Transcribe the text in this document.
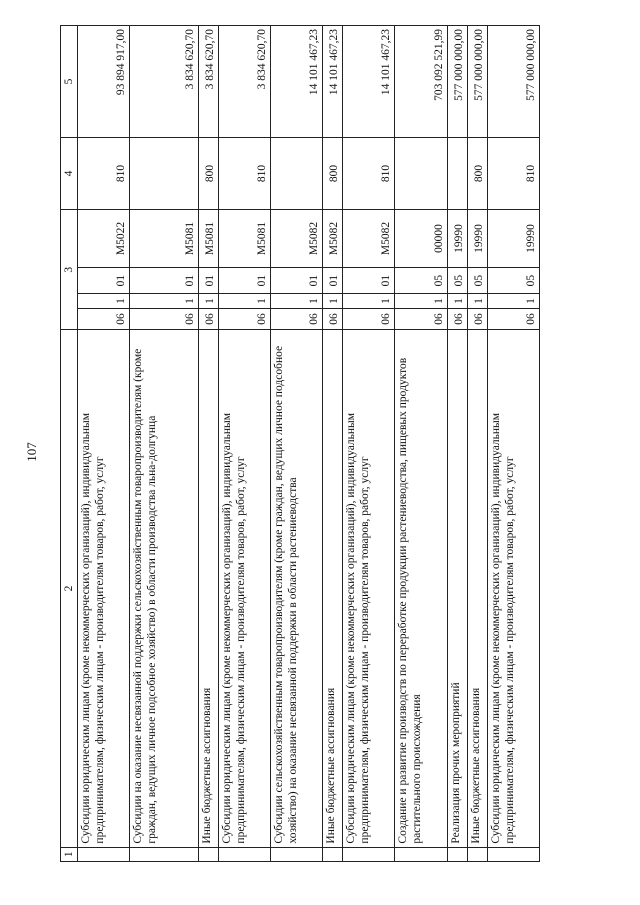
107
1	2	3				4	5
	Субсидии юридическим лицам (кроме некоммерческих организаций), индивидуальным предпринимателям, физическим лицам - производителям товаров, работ, услуг	06	1	01	M5022	810	93 894 917,00
	Субсидии на оказание несвязанной поддержки сельскохозяйственным товаропроизводителям (кроме граждан, ведущих личное подсобное хозяйство) в области производства льна-долгунца	06	1	01	M5081		3 834 620,70
	Иные бюджетные ассигнования	06	1	01	M5081	800	3 834 620,70
	Субсидии юридическим лицам (кроме некоммерческих организаций), индивидуальным предпринимателям, физическим лицам - производителям товаров, работ, услуг	06	1	01	M5081	810	3 834 620,70
	Субсидии сельскохозяйственным товаропроизводителям (кроме граждан, ведущих личное подсобное хозяйство) на оказание несвязанной поддержки в области растениеводства	06	1	01	M5082		14 101 467,23
	Иные бюджетные ассигнования	06	1	01	M5082	800	14 101 467,23
	Субсидии юридическим лицам (кроме некоммерческих организаций), индивидуальным предпринимателям, физическим лицам - производителям товаров, работ, услуг	06	1	01	M5082	810	14 101 467,23
	Создание и развитие производств по переработке продукции растениеводства, пищевых продуктов растительного происхождения	06	1	05	00000		703 092 521,99
	Реализация прочих мероприятий	06	1	05	19990		577 000 000,00
	Иные бюджетные ассигнования	06	1	05	19990	800	577 000 000,00
	Субсидии юридическим лицам (кроме некоммерческих организаций), индивидуальным предпринимателям, физическим лицам - производителям товаров, работ, услуг	06	1	05	19990	810	577 000 000,00
